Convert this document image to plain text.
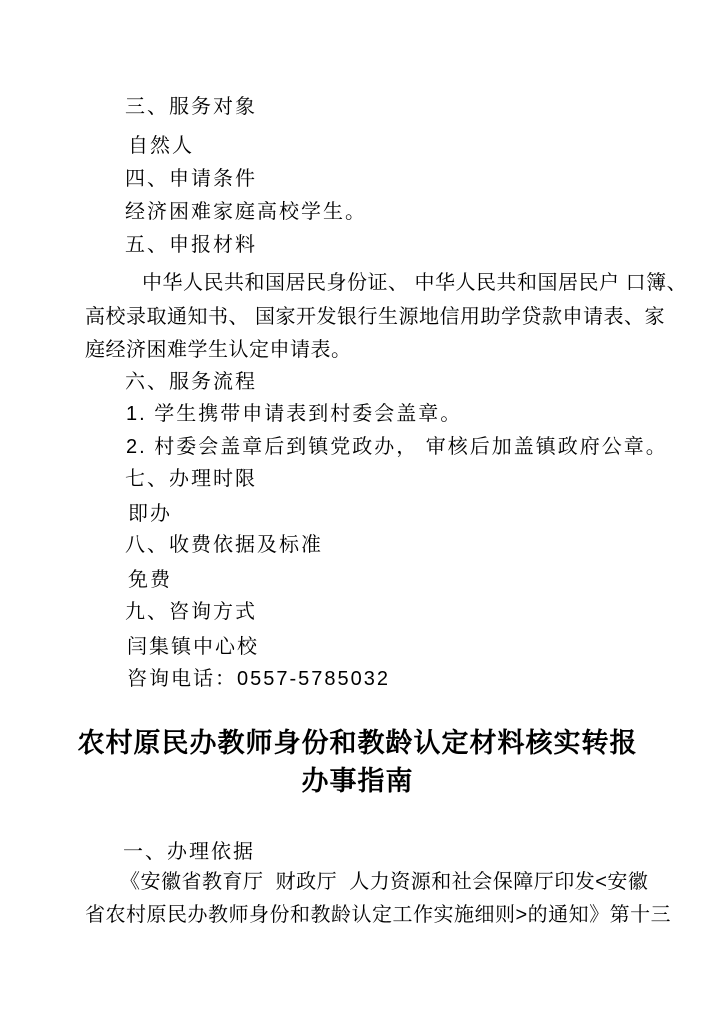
三、服务对象
自然人
四、申请条件
经济困难家庭高校学生。
五、申报材料
中华人民共和国居民身份证、 中华人民共和国居民户 口簿、
高校录取通知书、 国家开发银行生源地信用助学贷款申请表、家
庭经济困难学生认定申请表。
六、服务流程
1. 学生携带申请表到村委会盖章。
2. 村委会盖章后到镇党政办， 审核后加盖镇政府公章。
七、办理时限
即办
八、收费依据及标准
免费
九、咨询方式
闫集镇中心校
咨询电话：0557-5785032
农村原民办教师身份和教龄认定材料核实转报
办事指南
一、办理依据
《安徽省教育厅  财政厅  人力资源和社会保障厅印发<安徽
省农村原民办教师身份和教龄认定工作实施细则>的通知》第十三
